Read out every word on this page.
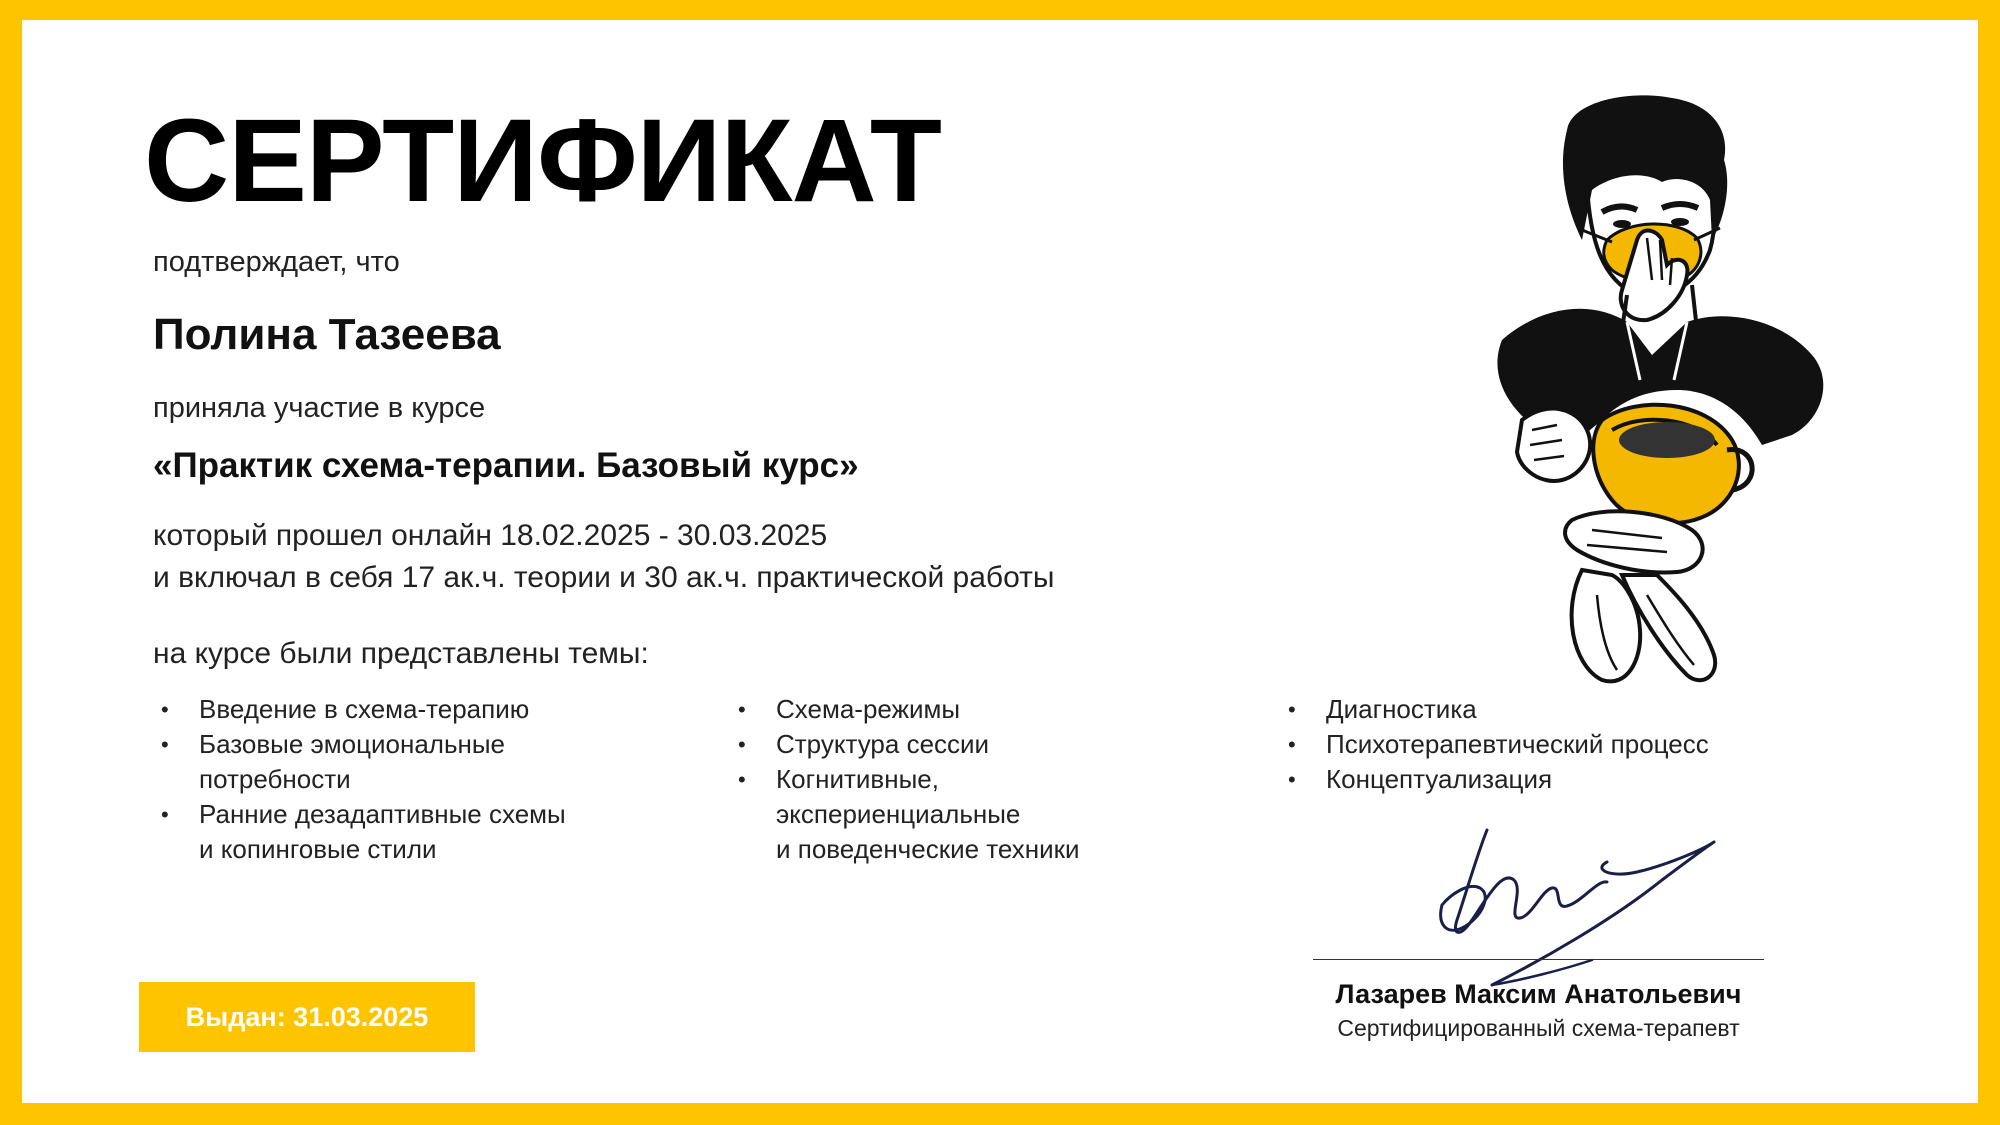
СЕРТИФИКАТ

подтверждает, что

Полина Тазеева

приняла участие в курсе

«Практик схема-терапии. Базовый курс»

который прошел онлайн 18.02.2025 - 30.03.2025
и включал в себя 17 ак.ч. теории и 30 ак.ч. практической работы

на курсе были представлены темы:

• Введение в схема-терапию
• Базовые эмоциональные
потребности
• Ранние дезадаптивные схемы
и копинговые стили
• Схема-режимы
• Структура сессии
• Когнитивные,
экспериенциальные
и поведенческие техники
• Диагностика
• Психотерапевтический процесс
• Концептуализация
Лазарев Максим Анатольевич
Сертифицированный схема-терапевт
Выдан: 31.03.2025
